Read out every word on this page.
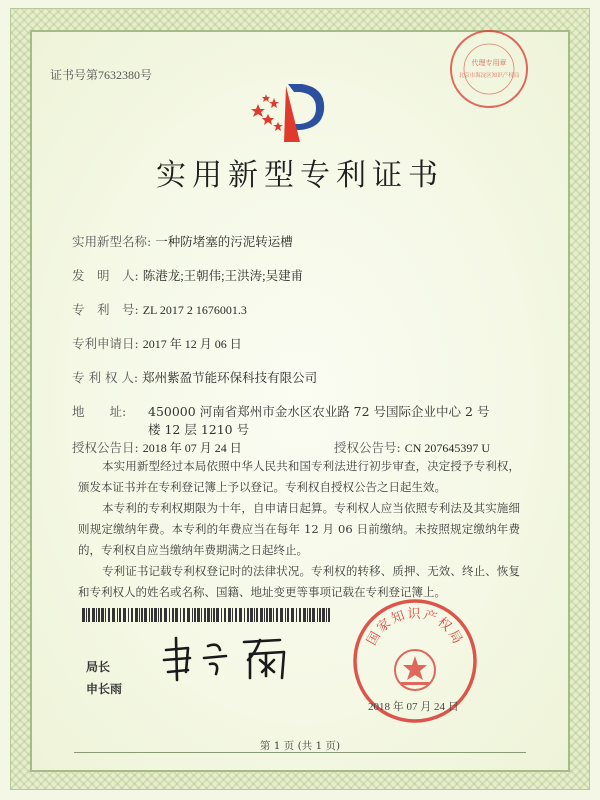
证书号第7632380号
代理专用章
北京市海淀区知识产权局
实用新型专利证书
实用新型名称: 一种防堵塞的污泥转运槽
发　明　人: 陈港龙;王朝伟;王洪涛;吴建甫
专　利　号: ZL 2017 2 1676001.3
专利申请日: 2017 年 12 月 06 日
专 利 权 人: 郑州紫盈节能环保科技有限公司
地　　址: 450000 河南省郑州市金水区农业路 72 号国际企业中心 2 号
楼 12 层 1210 号
授权公告日: 2018 年 07 月 24 日	授权公告号: CN 207645397 U

本实用新型经过本局依照中华人民共和国专利法进行初步审查，决定授予专利权，颁发本证书并在专利登记簿上予以登记。专利权自授权公告之日起生效。

本专利的专利权期限为十年，自申请日起算。专利权人应当依照专利法及其实施细则规定缴纳年费。本专利的年费应当在每年 12 月 06 日前缴纳。未按照规定缴纳年费的，专利权自应当缴纳年费期满之日起终止。

专利证书记载专利权登记时的法律状况。专利权的转移、质押、无效、终止、恢复和专利权人的姓名或名称、国籍、地址变更等事项记载在专利登记簿上。

局长
申长雨
国家知识产权局
2018 年 07 月 24 日
第 1 页 (共 1 页)
